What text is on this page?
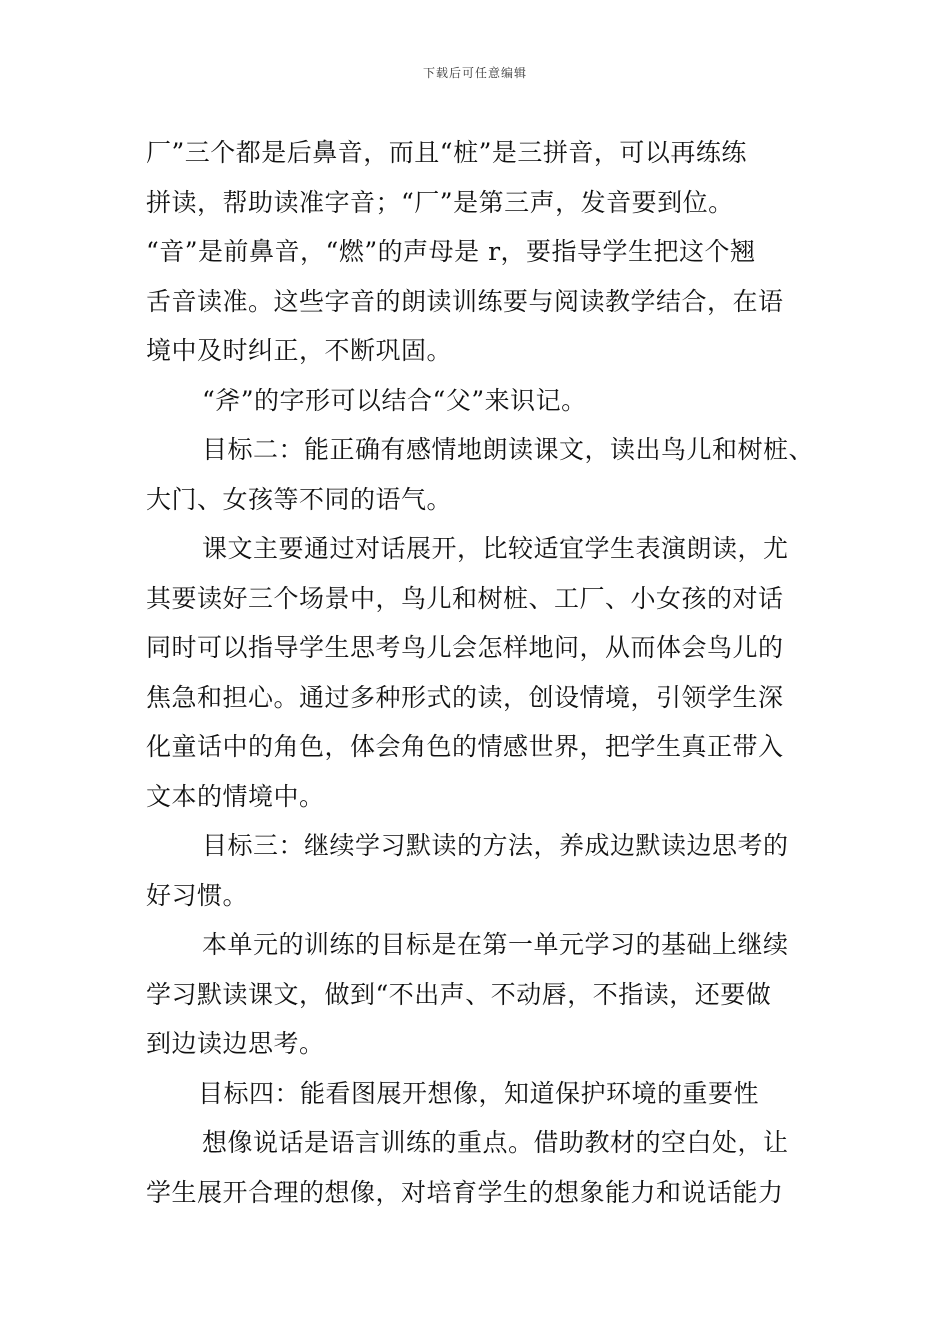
下载后可任意编辑
厂”三个都是后鼻音，而且“桩”是三拼音，可以再练练
拼读，帮助读准字音；“厂”是第三声，发音要到位。
“音”是前鼻音，“燃”的声母是 r，要指导学生把这个翘
舌音读准。这些字音的朗读训练要与阅读教学结合，在语
境中及时纠正，不断巩固。
“斧”的字形可以结合“父”来识记。
目标二：能正确有感情地朗读课文，读出鸟儿和树桩、
大门、女孩等不同的语气。
课文主要通过对话展开，比较适宜学生表演朗读，尤
其要读好三个场景中，鸟儿和树桩、工厂、小女孩的对话
同时可以指导学生思考鸟儿会怎样地问，从而体会鸟儿的
焦急和担心。通过多种形式的读，创设情境，引领学生深
化童话中的角色，体会角色的情感世界，把学生真正带入
文本的情境中。
目标三：继续学习默读的方法，养成边默读边思考的
好习惯。
本单元的训练的目标是在第一单元学习的基础上继续
学习默读课文，做到“不出声、不动唇，不指读，还要做
到边读边思考。
目标四：能看图展开想像，知道保护环境的重要性
想像说话是语言训练的重点。借助教材的空白处，让
学生展开合理的想像，对培育学生的想象能力和说话能力
